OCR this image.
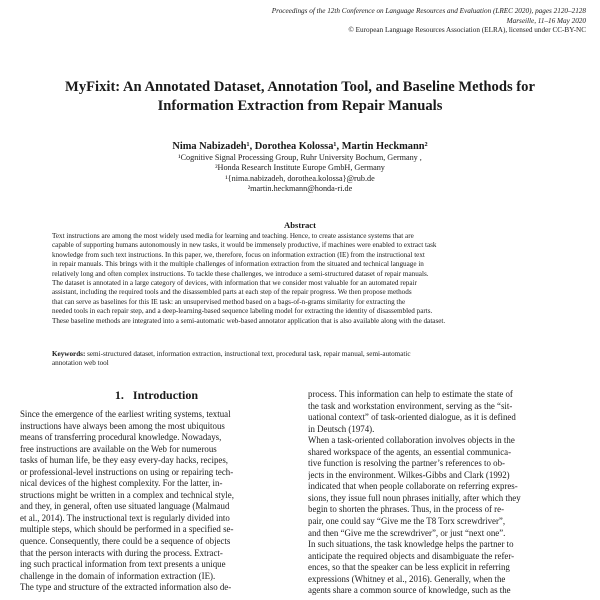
Proceedings of the 12th Conference on Language Resources and Evaluation (LREC 2020), pages 2120–2128
Marseille, 11–16 May 2020
© European Language Resources Association (ELRA), licensed under CC-BY-NC
MyFixit: An Annotated Dataset, Annotation Tool, and Baseline Methods for
Information Extraction from Repair Manuals
Nima Nabizadeh¹, Dorothea Kolossa¹, Martin Heckmann²
¹Cognitive Signal Processing Group, Ruhr University Bochum, Germany ,
²Honda Research Institute Europe GmbH, Germany
¹{nima.nabizadeh, dorothea.kolossa}@rub.de
²martin.heckmann@honda-ri.de
Abstract
Text instructions are among the most widely used media for learning and teaching. Hence, to create assistance systems that are
capable of supporting humans autonomously in new tasks, it would be immensely productive, if machines were enabled to extract task
knowledge from such text instructions. In this paper, we, therefore, focus on information extraction (IE) from the instructional text
in repair manuals. This brings with it the multiple challenges of information extraction from the situated and technical language in
relatively long and often complex instructions. To tackle these challenges, we introduce a semi-structured dataset of repair manuals.
The dataset is annotated in a large category of devices, with information that we consider most valuable for an automated repair
assistant, including the required tools and the disassembled parts at each step of the repair progress. We then propose methods
that can serve as baselines for this IE task: an unsupervised method based on a bags-of-n-grams similarity for extracting the
needed tools in each repair step, and a deep-learning-based sequence labeling model for extracting the identity of disassembled parts.
These baseline methods are integrated into a semi-automatic web-based annotator application that is also available along with the dataset.
Keywords: semi-structured dataset, information extraction, instructional text, procedural task, repair manual, semi-automatic
annotation web tool
1. Introduction
Since the emergence of the earliest writing systems, textual
instructions have always been among the most ubiquitous
means of transferring procedural knowledge. Nowadays,
free instructions are available on the Web for numerous
tasks of human life, be they easy every-day hacks, recipes,
or professional-level instructions on using or repairing tech-
nical devices of the highest complexity. For the latter, in-
structions might be written in a complex and technical style,
and they, in general, often use situated language (Malmaud
et al., 2014). The instructional text is regularly divided into
multiple steps, which should be performed in a specified se-
quence. Consequently, there could be a sequence of objects
that the person interacts with during the process. Extract-
ing such practical information from text presents a unique
challenge in the domain of information extraction (IE).
The type and structure of the extracted information also de-
process. This information can help to estimate the state of
the task and workstation environment, serving as the “sit-
uational context” of task-oriented dialogue, as it is defined
in Deutsch (1974).
When a task-oriented collaboration involves objects in the
shared workspace of the agents, an essential communica-
tive function is resolving the partner’s references to ob-
jects in the environment. Wilkes-Gibbs and Clark (1992)
indicated that when people collaborate on referring expres-
sions, they issue full noun phrases initially, after which they
begin to shorten the phrases. Thus, in the process of re-
pair, one could say “Give me the T8 Torx screwdriver”,
and then “Give me the screwdriver”, or just “next one”.
In such situations, the task knowledge helps the partner to
anticipate the required objects and disambiguate the refer-
ences, so that the speaker can be less explicit in referring
expressions (Whitney et al., 2016). Generally, when the
agents share a common source of knowledge, such as the
